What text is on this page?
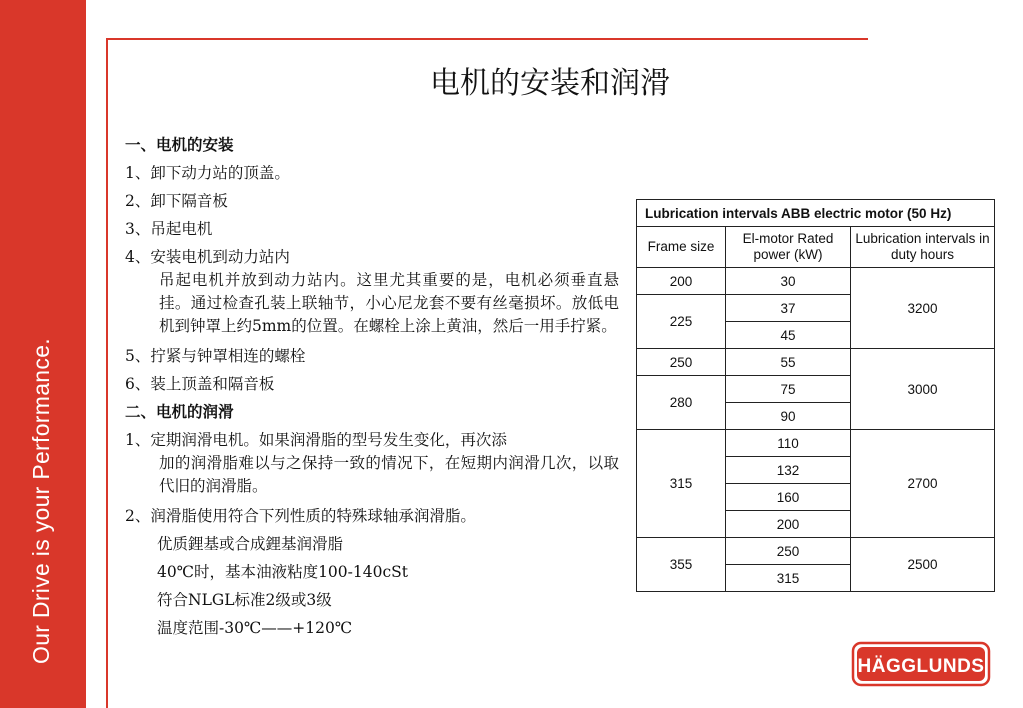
Our Drive is your Performance.
电机的安装和润滑
一、电机的安装
1、卸下动力站的顶盖。
2、卸下隔音板
3、吊起电机
4、安装电机到动力站内
吊起电机并放到动力站内。这里尤其重要的是，电机必须垂直悬挂。通过检查孔装上联轴节，小心尼龙套不要有丝毫损坏。放低电机到钟罩上约5mm的位置。在螺栓上涂上黄油，然后一用手拧紧。
5、拧紧与钟罩相连的螺栓
6、装上顶盖和隔音板
二、电机的润滑
1、定期润滑电机。如果润滑脂的型号发生变化，再次添
加的润滑脂难以与之保持一致的情况下，在短期内润滑几次，以取代旧的润滑脂。
2、润滑脂使用符合下列性质的特殊球轴承润滑脂。
优质鋰基或合成鋰基润滑脂
40℃时，基本油液粘度100-140cSt
符合NLGL标准2级或3级
温度范围-30℃——+120℃
Lubrication intervals ABB electric motor (50 Hz)		
Frame size	El-motor Rated power (kW)	Lubrication intervals in duty hours
200	30	3200
225	37	
	45	
250	55	3000
280	75	
	90	
315	110	2700
	132	
	160	
	200	
355	250	2500
	315	
HÄGGLUNDS
